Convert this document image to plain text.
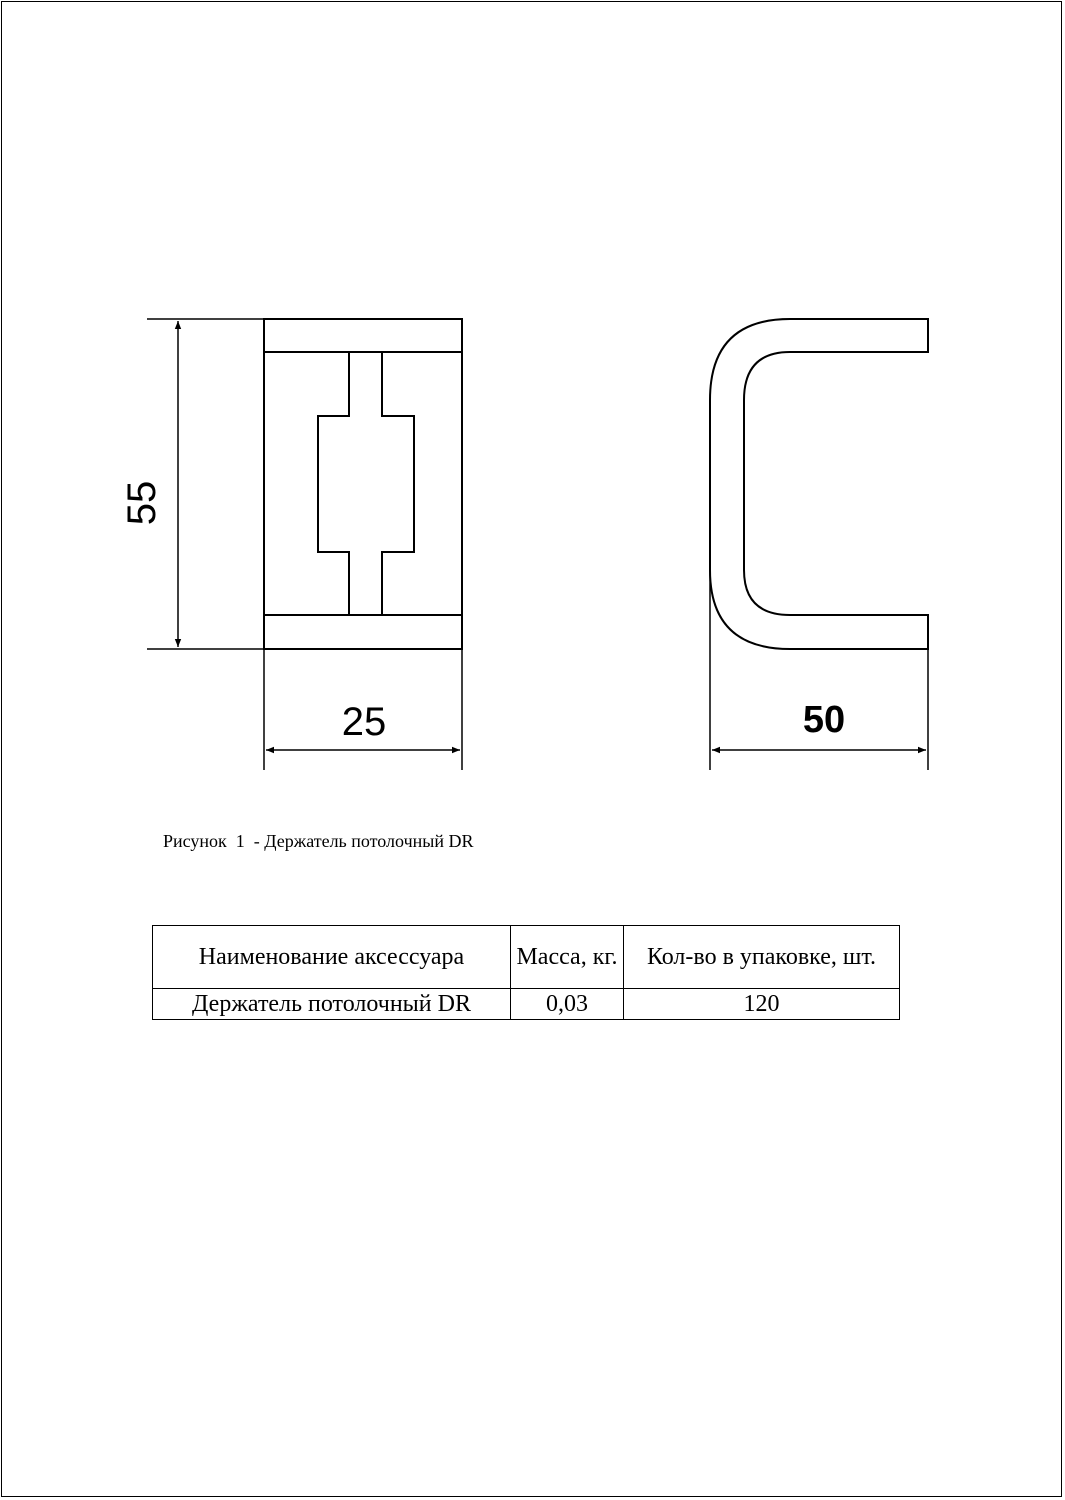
55
25	50
Рисунок  1  - Держатель потолочный DR
Наименование аксессуара	Масса, кг.	Кол-во в упаковке, шт.
Держатель потолочный DR	0,03	120
